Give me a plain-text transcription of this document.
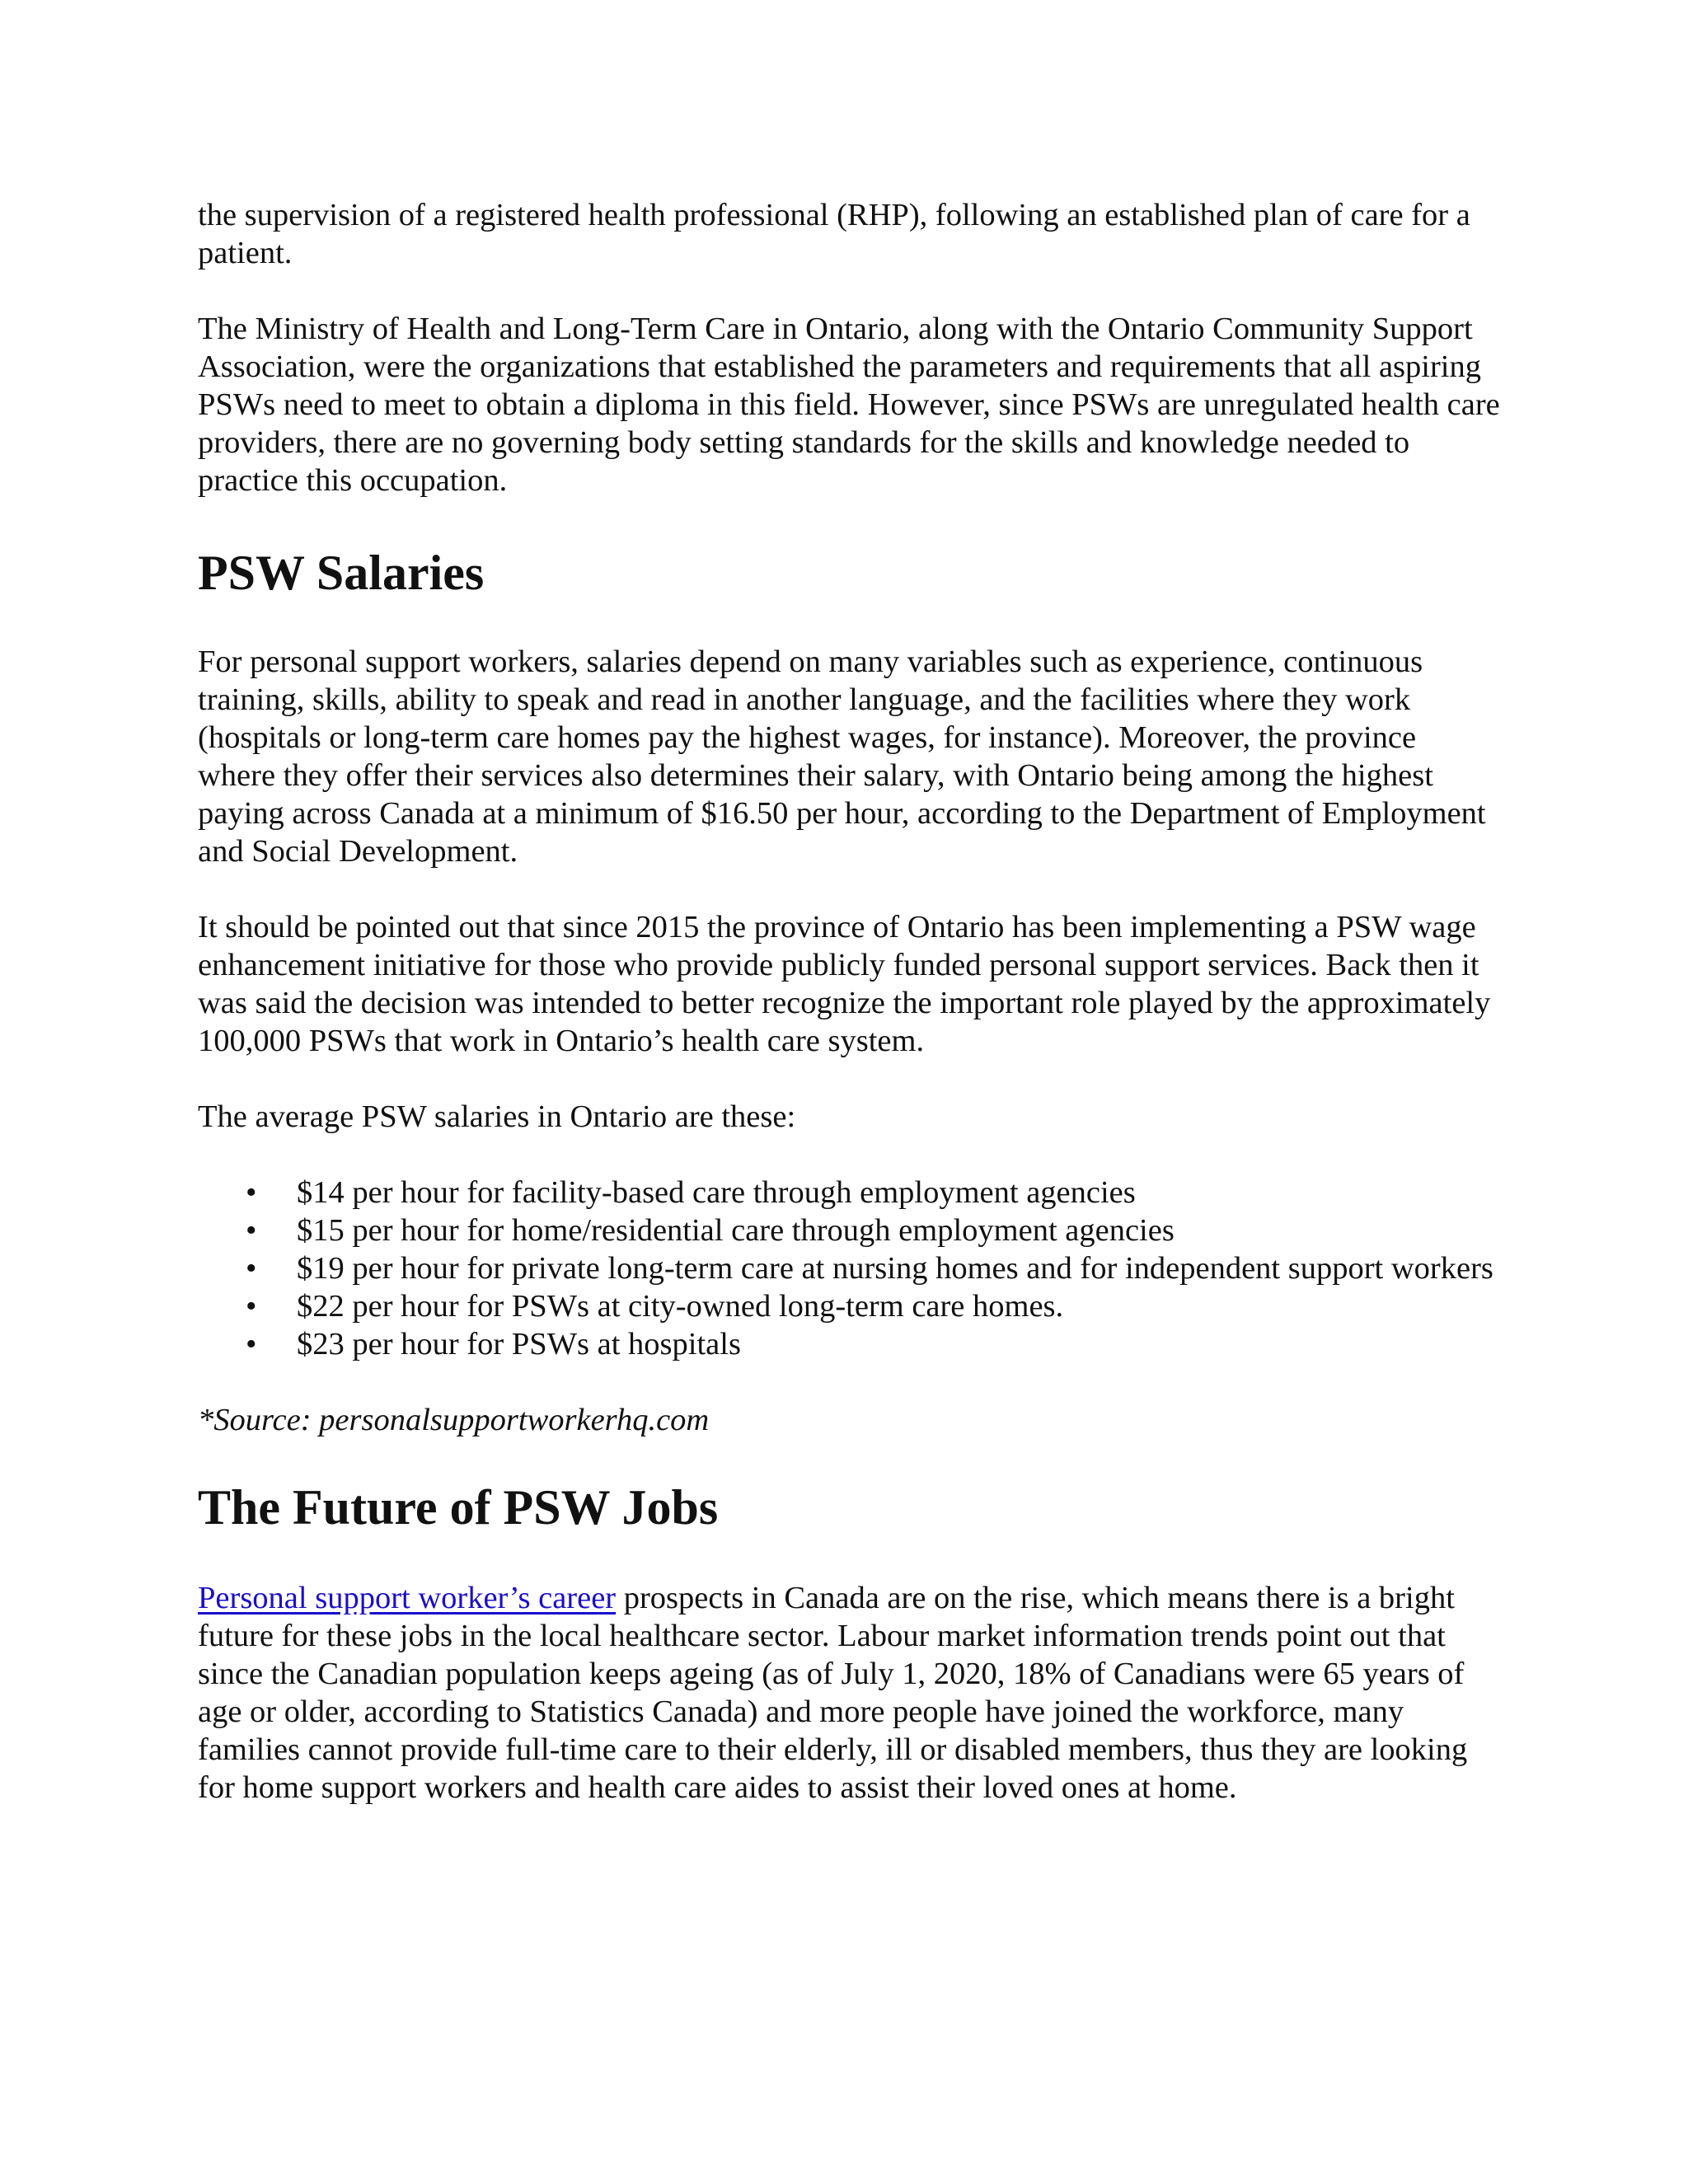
the supervision of a registered health professional (RHP), following an established plan of care for a patient.

The Ministry of Health and Long-Term Care in Ontario, along with the Ontario Community Support Association, were the organizations that established the parameters and requirements that all aspiring PSWs need to meet to obtain a diploma in this field. However, since PSWs are unregulated health care providers, there are no governing body setting standards for the skills and knowledge needed to practice this occupation.

PSW Salaries

For personal support workers, salaries depend on many variables such as experience, continuous training, skills, ability to speak and read in another language, and the facilities where they work (hospitals or long-term care homes pay the highest wages, for instance). Moreover, the province where they offer their services also determines their salary, with Ontario being among the highest paying across Canada at a minimum of $16.50 per hour, according to the Department of Employment and Social Development.

It should be pointed out that since 2015 the province of Ontario has been implementing a PSW wage enhancement initiative for those who provide publicly funded personal support services. Back then it was said the decision was intended to better recognize the important role played by the approximately 100,000 PSWs that work in Ontario’s health care system.

The average PSW salaries in Ontario are these:

• $14 per hour for facility-based care through employment agencies
• $15 per hour for home/residential care through employment agencies
• $19 per hour for private long-term care at nursing homes and for independent support workers
• $22 per hour for PSWs at city-owned long-term care homes.
• $23 per hour for PSWs at hospitals

*Source: personalsupportworkerhq.com

The Future of PSW Jobs

Personal support worker’s career prospects in Canada are on the rise, which means there is a bright future for these jobs in the local healthcare sector. Labour market information trends point out that since the Canadian population keeps ageing (as of July 1, 2020, 18% of Canadians were 65 years of age or older, according to Statistics Canada) and more people have joined the workforce, many families cannot provide full-time care to their elderly, ill or disabled members, thus they are looking for home support workers and health care aides to assist their loved ones at home.
